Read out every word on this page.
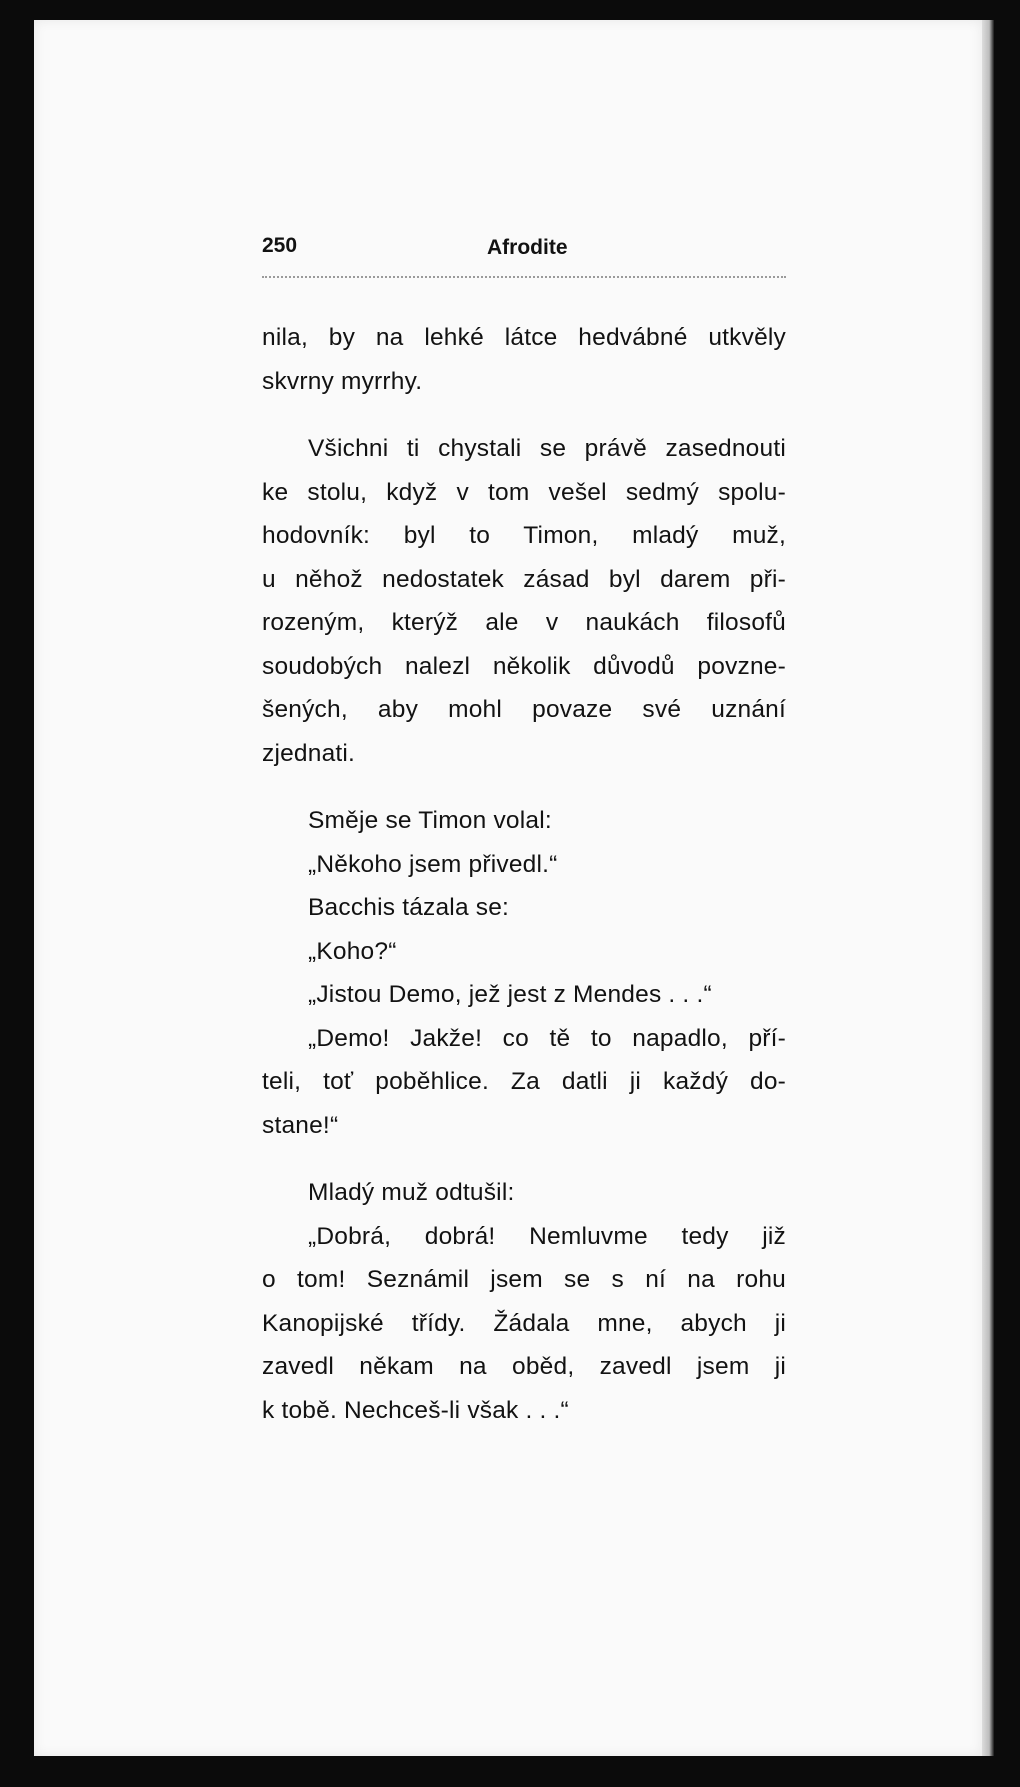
250	Afrodite
nila, by na lehké látce hedvábné utkvěly
skvrny myrrhy.
Všichni ti chystali se právě zasednouti
ke stolu, když v tom vešel sedmý spolu-
hodovník: byl to Timon, mladý muž,
u něhož nedostatek zásad byl darem při-
rozeným, kterýž ale v naukách filosofů
soudobých nalezl několik důvodů povzne-
šených, aby mohl povaze své uznání
zjednati.
Směje se Timon volal:
„Někoho jsem přivedl.“
Bacchis tázala se:
„Koho?“
„Jistou Demo, jež jest z Mendes . . .“
„Demo! Jakže! co tě to napadlo, pří-
teli, toť poběhlice. Za datli ji každý do-
stane!“
Mladý muž odtušil:
„Dobrá, dobrá! Nemluvme tedy již
o tom! Seznámil jsem se s ní na rohu
Kanopijské třídy. Žádala mne, abych ji
zavedl někam na oběd, zavedl jsem ji
k tobě. Nechceš-li však . . .“
